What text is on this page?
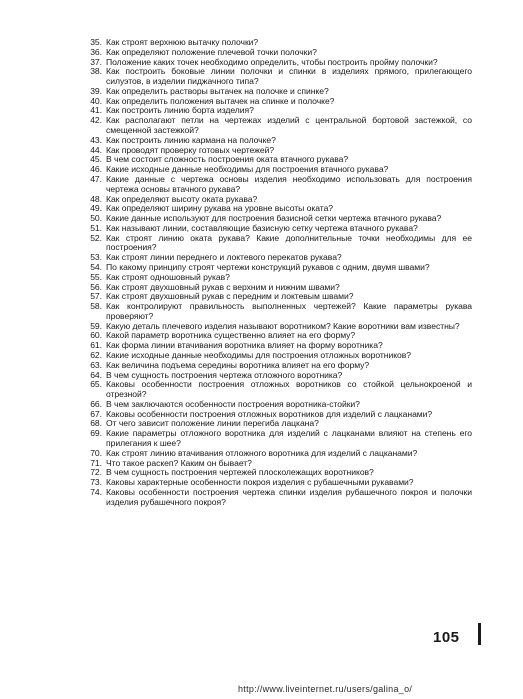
35. Как строят верхнюю вытачку полочки?
36. Как определяют положение плечевой точки полочки?
37. Положение каких точек необходимо определить, чтобы построить пройму полочки?
38. Как построить боковые линии полочки и спинки в изделиях прямого, прилегающего силуэтов, в изделии пиджачного типа?
39. Как определить растворы вытачек на полочке и спинке?
40. Как определить положения вытачек на спинке и полочке?
41. Как построить линию борта изделия?
42. Как располагают петли на чертежах изделий с центральной бортовой застежкой, со смещенной застежкой?
43. Как построить линию кармана на полочке?
44. Как проводят проверку готовых чертежей?
45. В чем состоит сложность построения оката втачного рукава?
46. Какие исходные данные необходимы для построения втачного рукава?
47. Какие данные с чертежа основы изделия необходимо использовать для построения чертежа основы втачного рукава?
48. Как определяют высоту оката рукава?
49. Как определяют ширину рукава на уровне высоты оката?
50. Какие данные используют для построения базисной сетки чертежа втачного рукава?
51. Как называют линии, составляющие базисную сетку чертежа втачного рукава?
52. Как строят линию оката рукава? Какие дополнительные точки необходимы для ее построения?
53. Как строят линии переднего и локтевого перекатов рукава?
54. По какому принципу строят чертежи конструкций рукавов с одним, двумя швами?
55. Как строят одношовный рукав?
56. Как строят двухшовный рукав с верхним и нижним швами?
57. Как строят двухшовный рукав с передним и локтевым швами?
58. Как контролируют правильность выполненных чертежей? Какие параметры рукава проверяют?
59. Какую деталь плечевого изделия называют воротником? Какие воротники вам известны?
60. Какой параметр воротника существенно влияет на его форму?
61. Как форма линии втачивания воротника влияет на форму воротника?
62. Какие исходные данные необходимы для построения отложных воротников?
63. Как величина подъема середины воротника влияет на его форму?
64. В чем сущность построения чертежа отложного воротника?
65. Каковы особенности построения отложных воротников со стойкой цельнокроеной и отрезной?
66. В чем заключаются особенности построения воротника-стойки?
67. Каковы особенности построения отложных воротников для изделий с лацканами?
68. От чего зависит положение линии перегиба лацкана?
69. Какие параметры отложного воротника для изделий с лацканами влияют на степень его прилегания к шее?
70. Как строят линию втачивания отложного воротника для изделий с лацканами?
71. Что такое раскеп? Каким он бывает?
72. В чем сущность построения чертежей плосколежащих воротников?
73. Каковы характерные особенности покроя изделия с рубашечными рукавами?
74. Каковы особенности построения чертежа спинки изделия рубашечного покроя и полочки изделия рубашечного покроя?
105
http://www.liveinternet.ru/users/galina_o/
